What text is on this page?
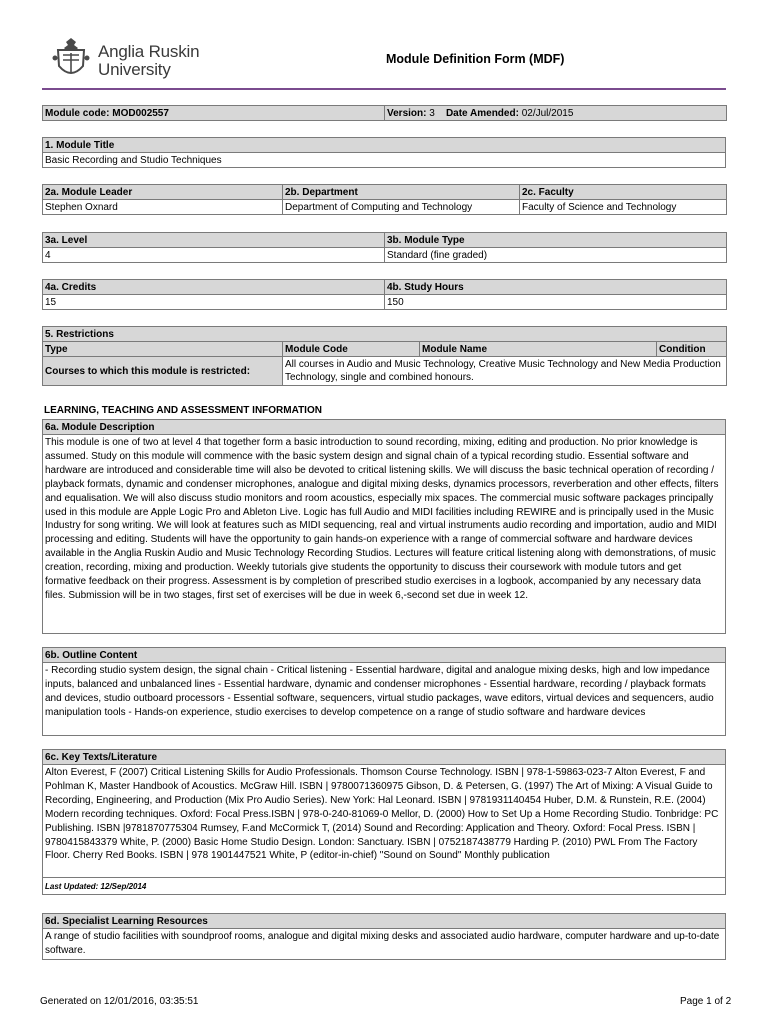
Anglia Ruskin
University
Module Definition Form (MDF)
Module code: MOD002557	Version: 3 Date Amended: 02/Jul/2015
1. Module Title
Basic Recording and Studio Techniques
2a. Module Leader	2b. Department	2c. Faculty
Stephen Oxnard	Department of Computing and Technology	Faculty of Science and Technology
3a. Level	3b. Module Type
4	Standard (fine graded)
4a. Credits	4b. Study Hours
15	150
5. Restrictions			
Type	Module Code	Module Name	Condition
Courses to which this module is restricted:	All courses in Audio and Music Technology, Creative Music Technology and New Media Production Technology, single and combined honours.		
LEARNING, TEACHING AND ASSESSMENT INFORMATION
6a. Module Description
This module is one of two at level 4 that together form a basic introduction to sound recording, mixing, editing and production. No prior knowledge is assumed. Study on this module will commence with the basic system design and signal chain of a typical recording studio. Essential software and hardware are introduced and considerable time will also be devoted to critical listening skills. We will discuss the basic technical operation of recording / playback formats, dynamic and condenser microphones, analogue and digital mixing desks, dynamics processors, reverberation and other effects, filters and equalisation. We will also discuss studio monitors and room acoustics, especially mix spaces. The commercial music software packages principally used in this module are Apple Logic Pro and Ableton Live. Logic has full Audio and MIDI facilities including REWIRE and is principally used in the Music Industry for song writing. We will look at features such as MIDI sequencing, real and virtual instruments audio recording and importation, audio and MIDI processing and editing. Students will have the opportunity to gain hands-on experience with a range of commercial software and hardware devices available in the Anglia Ruskin Audio and Music Technology Recording Studios. Lectures will feature critical listening along with demonstrations, of music creation, recording, mixing and production. Weekly tutorials give students the opportunity to discuss their coursework with module tutors and get formative feedback on their progress. Assessment is by completion of prescribed studio exercises in a logbook, accompanied by any necessary data files. Submission will be in two stages, first set of exercises will be due in week 6,-second set due in week 12.
6b. Outline Content
- Recording studio system design, the signal chain - Critical listening - Essential hardware, digital and analogue mixing desks, high and low impedance inputs, balanced and unbalanced lines - Essential hardware, dynamic and condenser microphones - Essential hardware, recording / playback formats and devices, studio outboard processors - Essential software, sequencers, virtual studio packages, wave editors, virtual devices and sequencers, audio manipulation tools - Hands-on experience, studio exercises to develop competence on a range of studio software and hardware devices
6c. Key Texts/Literature
Alton Everest, F (2007) Critical Listening Skills for Audio Professionals. Thomson Course Technology. ISBN | 978-1-59863-023-7 Alton Everest, F and Pohlman K, Master Handbook of Acoustics. McGraw Hill. ISBN | 9780071360975 Gibson, D. & Petersen, G. (1997) The Art of Mixing: A Visual Guide to Recording, Engineering, and Production (Mix Pro Audio Series). New York: Hal Leonard. ISBN | 9781931140454 Huber, D.M. & Runstein, R.E. (2004) Modern recording techniques. Oxford: Focal Press.ISBN | 978-0-240-81069-0 Mellor, D. (2000) How to Set Up a Home Recording Studio. Tonbridge: PC Publishing. ISBN |9781870775304 Rumsey, F.and McCormick T, (2014) Sound and Recording: Application and Theory. Oxford: Focal Press. ISBN | 9780415843379 White, P. (2000) Basic Home Studio Design. London: Sanctuary. ISBN | 0752187438779 Harding P. (2010) PWL From The Factory Floor. Cherry Red Books. ISBN | 978 1901447521 White, P (editor-in-chief) "Sound on Sound" Monthly publication
Last Updated: 12/Sep/2014
6d. Specialist Learning Resources
A range of studio facilities with soundproof rooms, analogue and digital mixing desks and associated audio hardware, computer hardware and up-to-date software.
Generated on 12/01/2016, 03:35:51	Page 1 of 2
